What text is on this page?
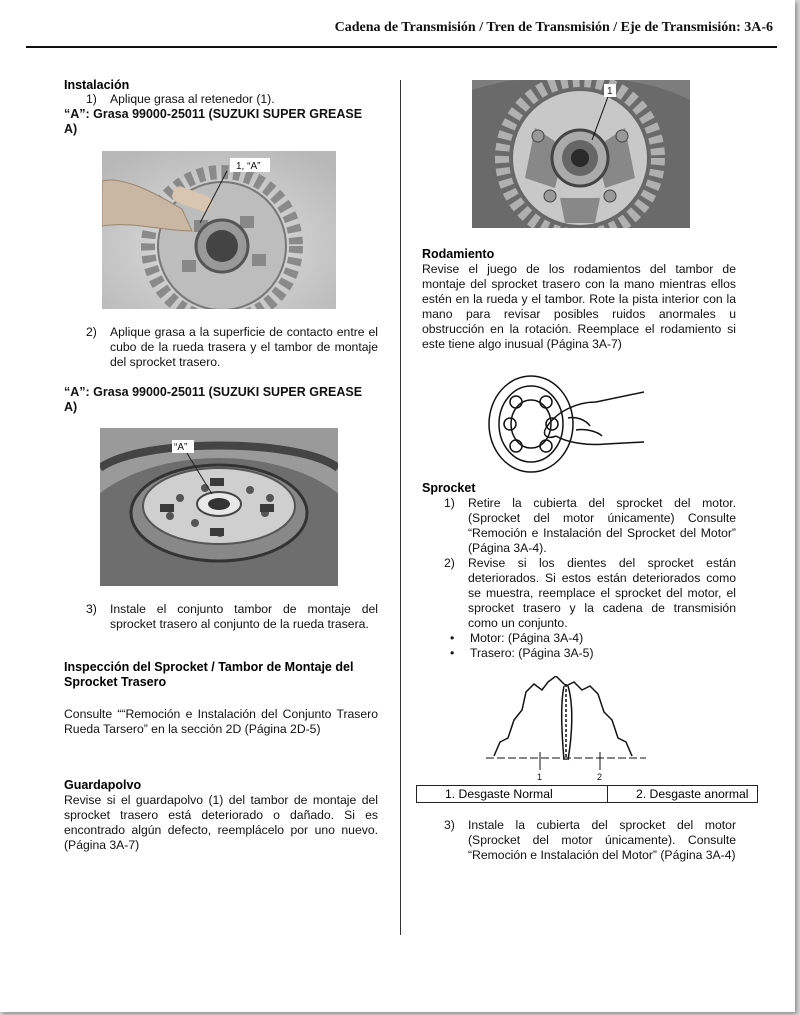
Cadena de Transmisión / Tren de Transmisión / Eje de Transmisión: 3A-6
Instalación
1) Aplique grasa al retenedor (1).

“A”: Grasa 99000-25011 (SUZUKI SUPER GREASE A)

1, “A”
2) Aplique grasa a la superficie de contacto entre el cubo de la rueda trasera y el tambor de montaje del sprocket trasero.

“A”: Grasa 99000-25011 (SUZUKI SUPER GREASE A)

“A”
3) Instale el conjunto tambor de montaje del sprocket trasero al conjunto de la rueda trasera.
Inspección del Sprocket / Tambor de Montaje del Sprocket Trasero

Consulte ““Remoción e Instalación del Conjunto Trasero Rueda Tarsero” en la sección 2D (Página 2D-5)

Guardapolvo

Revise si el guardapolvo (1) del tambor de montaje del sprocket trasero está deteriorado o dañado. Si es encontrado algún defecto, reemplácelo por uno nuevo. (Página 3A-7)

1
Rodamiento

Revise el juego de los rodamientos del tambor de montaje del sprocket trasero con la mano mientras ellos estén en la rueda y el tambor. Rote la pista interior con la mano para revisar posibles ruidos anormales u obstrucción en la rotación. Reemplace el rodamiento si este tiene algo inusual (Página 3A-7)

Sprocket
1) Retire la cubierta del sprocket del motor. (Sprocket del motor únicamente) Consulte “Remoción e Instalación del Sprocket del Motor” (Página 3A-4).
2) Revise si los dientes del sprocket están deteriorados. Si estos están deteriorados como se muestra, reemplace el sprocket del motor, el sprocket trasero y la cadena de transmisión como un conjunto.
• Motor: (Página 3A-4)
• Trasero: (Página 3A-5)
1	2
1. Desgaste Normal	2. Desgaste anormal
3) Instale la cubierta del sprocket del motor (Sprocket del motor únicamente). Consulte “Remoción e Instalación del Motor” (Página 3A-4)
